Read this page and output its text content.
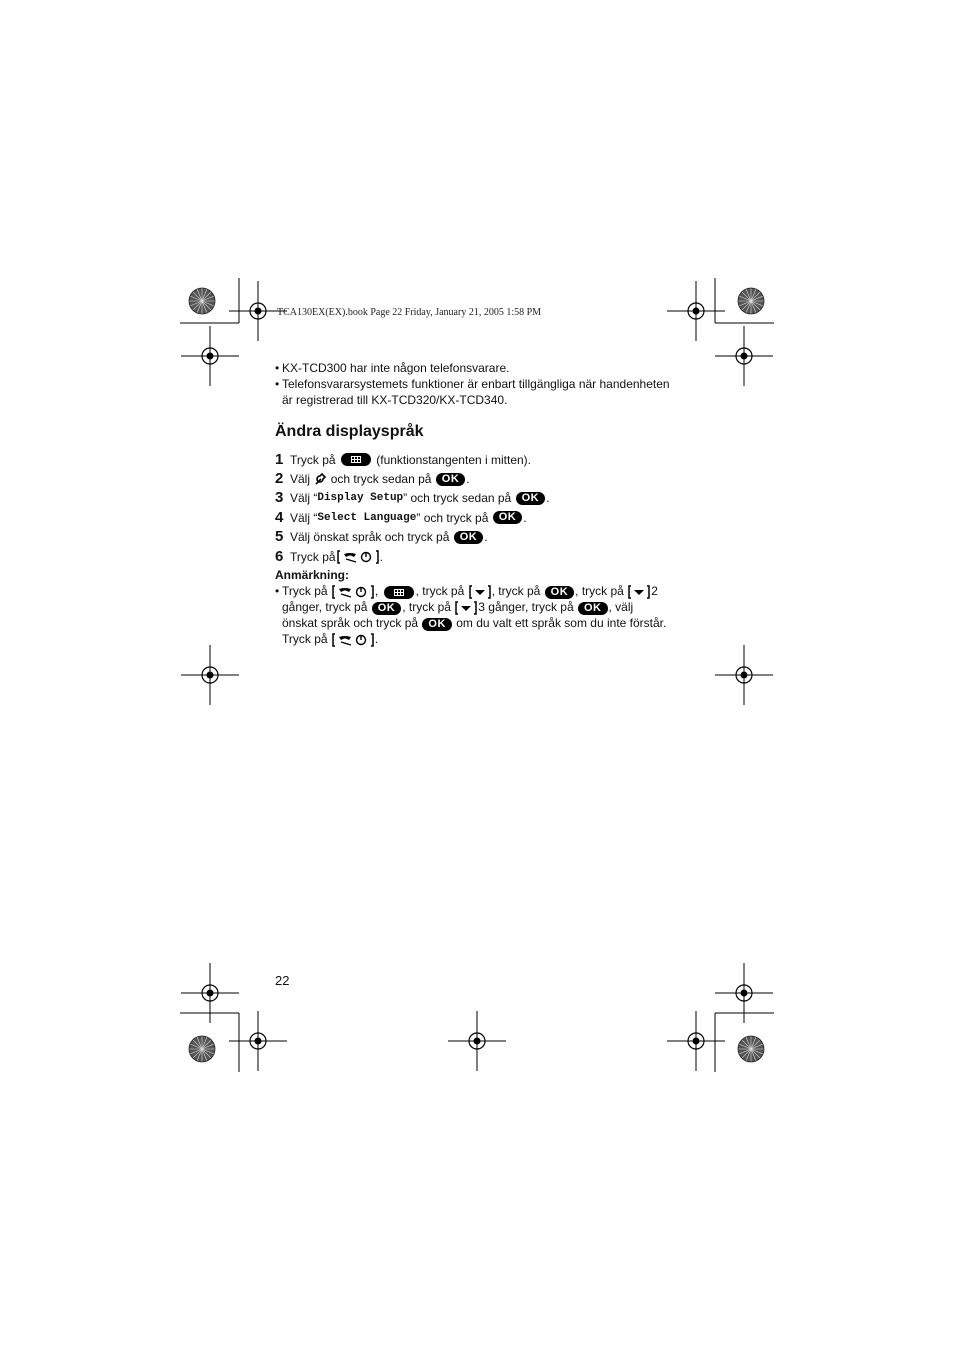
TCA130EX(EX).book Page 22 Friday, January 21, 2005 1:58 PM
• KX-TCD300 har inte någon telefonsvarare.
• Telefonsvararsystemets funktioner är enbart tillgängliga när handenheten
är registrerad till KX-TCD320/KX-TCD340.
Ändra displayspråk
1 Tryck på

	(funktionstangenten i mitten).
2 Välj

och tryck sedan på
OK .
3 Välj “ Display Setup ” och tryck sedan på
OK .
4 Välj “ Select Language ” och tryck på
OK .
5 Välj önskat språk och tryck på
OK .
6 Tryck på	.
Anmärkning:
• Tryck på	,	, tryck på , tryck på OK , tryck på 2
gånger, tryck på OK , tryck på 3 gånger, tryck på OK , välj
önskat språk och tryck på OK om du valt ett språk som du inte förstår.
Tryck på	.
22
